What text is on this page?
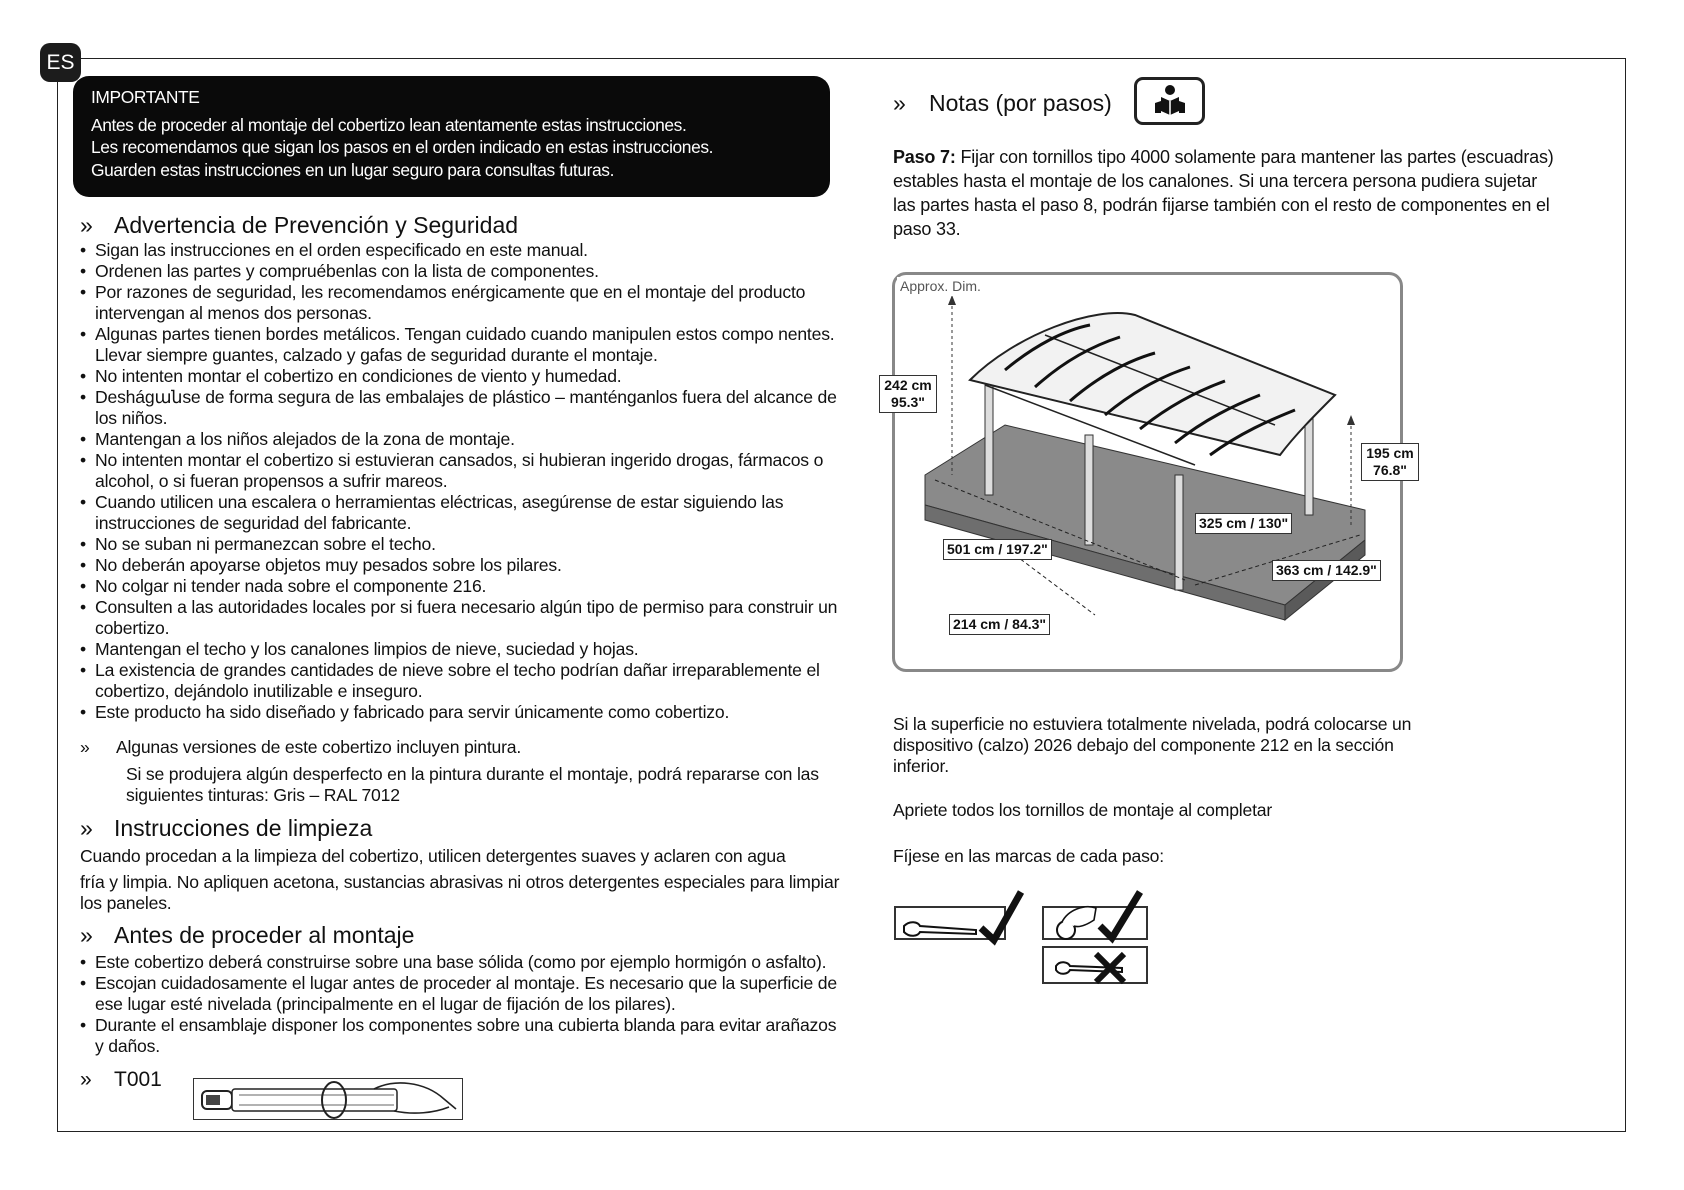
ES
IMPORTANTE
Antes de proceder al montaje del cobertizo lean atentamente estas instrucciones.
Les recomendamos que sigan los pasos en el orden indicado en estas instrucciones.
Guarden estas instrucciones en un lugar seguro para consultas futuras.
» Advertencia de Prevención y Seguridad
• Sigan las instrucciones en el orden especificado en este manual.
• Ordenen las partes y compruébenlas con la lista de componentes.
• Por razones de seguridad, les recomendamos enérgicamente que en el montaje del producto intervengan al menos dos personas.
• Algunas partes tienen bordes metálicos. Tengan cuidado cuando manipulen estos compo nentes. Llevar siempre guantes, calzado y gafas de seguridad durante el montaje.
• No intenten montar el cobertizo en condiciones de viento y humedad.
• Deshágանse de forma segura de las embalajes de plástico – manténganlos fuera del alcance de los niños.
• Mantengan a los niños alejados de la zona de montaje.
• No intenten montar el cobertizo si estuvieran cansados, si hubieran ingerido drogas, fármacos o alcohol, o si fueran propensos a sufrir mareos.
• Cuando utilicen una escalera o herramientas eléctricas, asegúrense de estar siguiendo las instrucciones de seguridad del fabricante.
• No se suban ni permanezcan sobre el techo.
• No deberán apoyarse objetos muy pesados sobre los pilares.
• No colgar ni tender nada sobre el componente 216.
• Consulten a las autoridades locales por si fuera necesario algún tipo de permiso para construir un cobertizo.
• Mantengan el techo y los canalones limpios de nieve, suciedad y hojas.
• La existencia de grandes cantidades de nieve sobre el techo podrían dañar irreparablemente el cobertizo, dejándolo inutilizable e inseguro.
• Este producto ha sido diseñado y fabricado para servir únicamente como cobertizo.
» Algunas versiones de este cobertizo incluyen pintura.
Si se produjera algún desperfecto en la pintura durante el montaje, podrá repararse con las siguientes tinturas: Gris – RAL 7012
» Instrucciones de limpieza
Cuando procedan a la limpieza del cobertizo, utilicen detergentes suaves y aclaren con agua
fría y limpia. No apliquen acetona, sustancias abrasivas ni otros detergentes especiales para limpiar los paneles.
» Antes de proceder al montaje
• Este cobertizo deberá construirse sobre una base sólida (como por ejemplo hormigón o asfalto).
• Escojan cuidadosamente el lugar antes de proceder al montaje. Es necesario que la superficie de ese lugar esté nivelada (principalmente en el lugar de fijación de los pilares).
• Durante el ensamblaje disponer los componentes sobre una cubierta blanda para evitar arañazos y daños.
» T001
» Notas (por pasos)
Paso 7: Fijar con tornillos tipo 4000 solamente para mantener las partes (escuadras) estables hasta el montaje de los canalones. Si una tercera persona pudiera sujetar las partes hasta el paso 8, podrán fijarse también con el resto de componentes en el paso 33.
Approx. Dim.
242 cm
95.3"
195 cm
76.8"
325 cm / 130"
501 cm / 197.2"
363 cm / 142.9"
214 cm / 84.3"
Si la superficie no estuviera totalmente nivelada, podrá colocarse un dispositivo (calzo) 2026 debajo del componente 212 en la sección inferior.
Apriete todos los tornillos de montaje al completar
Fíjese en las marcas de cada paso:
